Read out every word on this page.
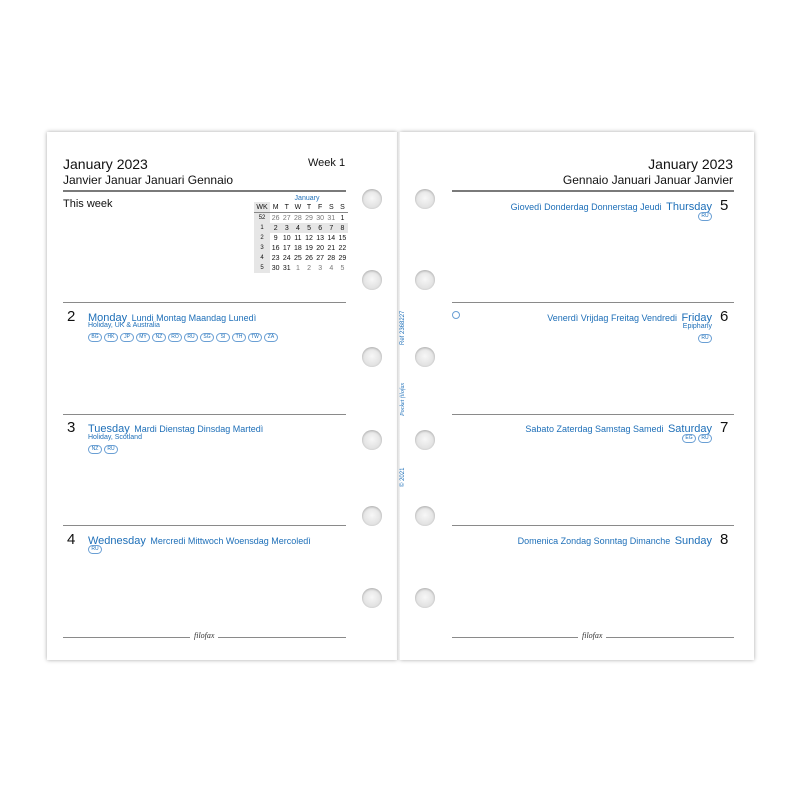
January 2023	Week 1
Janvier Januar Januari Gennaio
This week	January
WK	M	T	W	T	F	S	S
52	26	27	28	29	30	31	1
1	2	3	4	5	6	7	8
2	9	10	11	12	13	14	15
3	16	17	18	19	20	21	22
4	23	24	25	26	27	28	29
5	30	31	1	2	3	4	5
filofax
2 Monday Lundi Montag Maandag Lunedì
Holiday, UK & Australia
BG	HK	JP	MY	NZ	RO	RU	SG	SI	TH	TW	ZA
3 Tuesday Mardi Dienstag Dinsdag Martedì
Holiday, Scotland
NZ	RU
4 Wednesday Mercredi Mittwoch Woensdag Mercoledì
RU
Ref 2368227
Pocket filofax
© 2021
January 2023
Gennaio Januari Januar Janvier
filofax
5
Giovedì Donderdag Donnerstag Jeudi Thursday
RU
6
Venerdì Vrijdag Freitag Vendredi Friday
Epiphany
RU
7
Sabato Zaterdag Samstag Samedi Saturday
EG	RU
8
Domenica Zondag Sonntag Dimanche Sunday
